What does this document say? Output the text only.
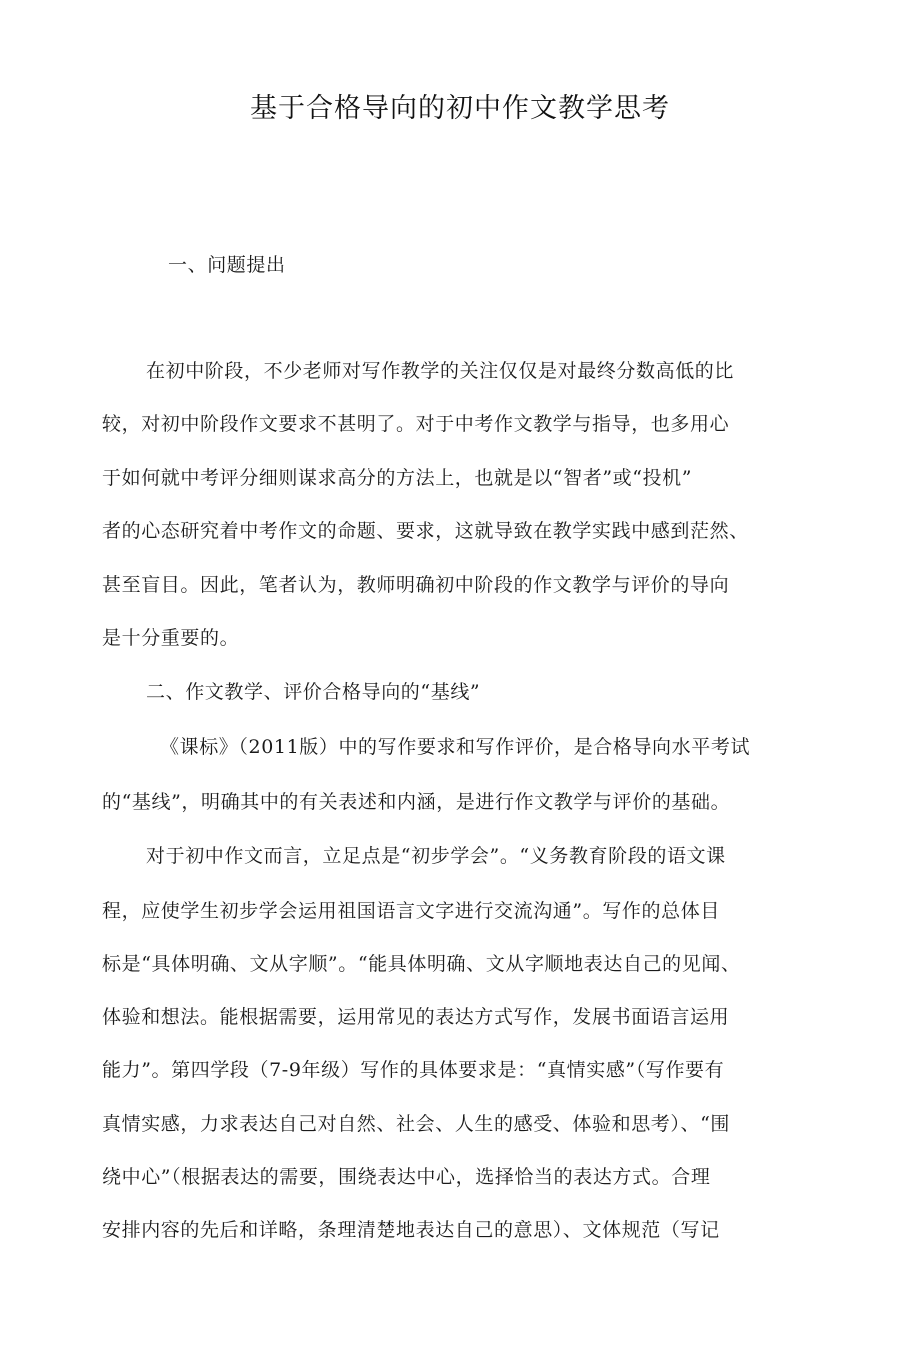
基于合格导向的初中作文教学思考
一、问题提出
在初中阶段，不少老师对写作教学的关注仅仅是对最终分数高低的比
较，对初中阶段作文要求不甚明了。对于中考作文教学与指导，也多用心
于如何就中考评分细则谋求高分的方法上，也就是以“智者”或“投机”
者的心态研究着中考作文的命题、要求，这就导致在教学实践中感到茫然、
甚至盲目。因此，笔者认为，教师明确初中阶段的作文教学与评价的导向
是十分重要的。
二、作文教学、评价合格导向的“基线”
《课标》（2011版）中的写作要求和写作评价，是合格导向水平考试
的“基线”，明确其中的有关表述和内涵，是进行作文教学与评价的基础。
对于初中作文而言，立足点是“初步学会”。“义务教育阶段的语文课
程，应使学生初步学会运用祖国语言文字进行交流沟通”。写作的总体目
标是“具体明确、文从字顺”。“能具体明确、文从字顺地表达自己的见闻、
体验和想法。能根据需要，运用常见的表达方式写作，发展书面语言运用
能力”。第四学段（7-9年级）写作的具体要求是：“真情实感”（写作要有
真情实感，力求表达自己对自然、社会、人生的感受、体验和思考）、“围
绕中心”（根据表达的需要，围绕表达中心，选择恰当的表达方式。合理
安排内容的先后和详略，条理清楚地表达自己的意思）、文体规范（写记
